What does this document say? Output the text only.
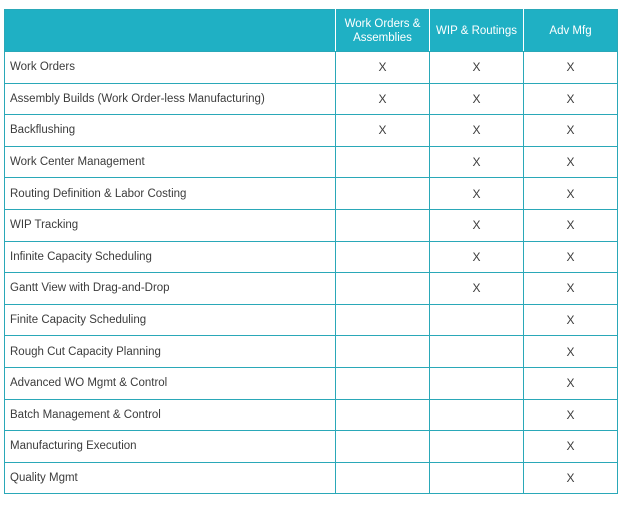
	Work Orders & Assemblies	WIP & Routings	Adv Mfg
Work Orders	X	X	X
Assembly Builds (Work Order-less Manufacturing)	X	X	X
Backflushing	X	X	X
Work Center Management		X	X
Routing Definition & Labor Costing		X	X
WIP Tracking		X	X
Infinite Capacity Scheduling		X	X
Gantt View with Drag-and-Drop		X	X
Finite Capacity Scheduling			X
Rough Cut Capacity Planning			X
Advanced WO Mgmt & Control			X
Batch Management & Control			X
Manufacturing Execution			X
Quality Mgmt			X
